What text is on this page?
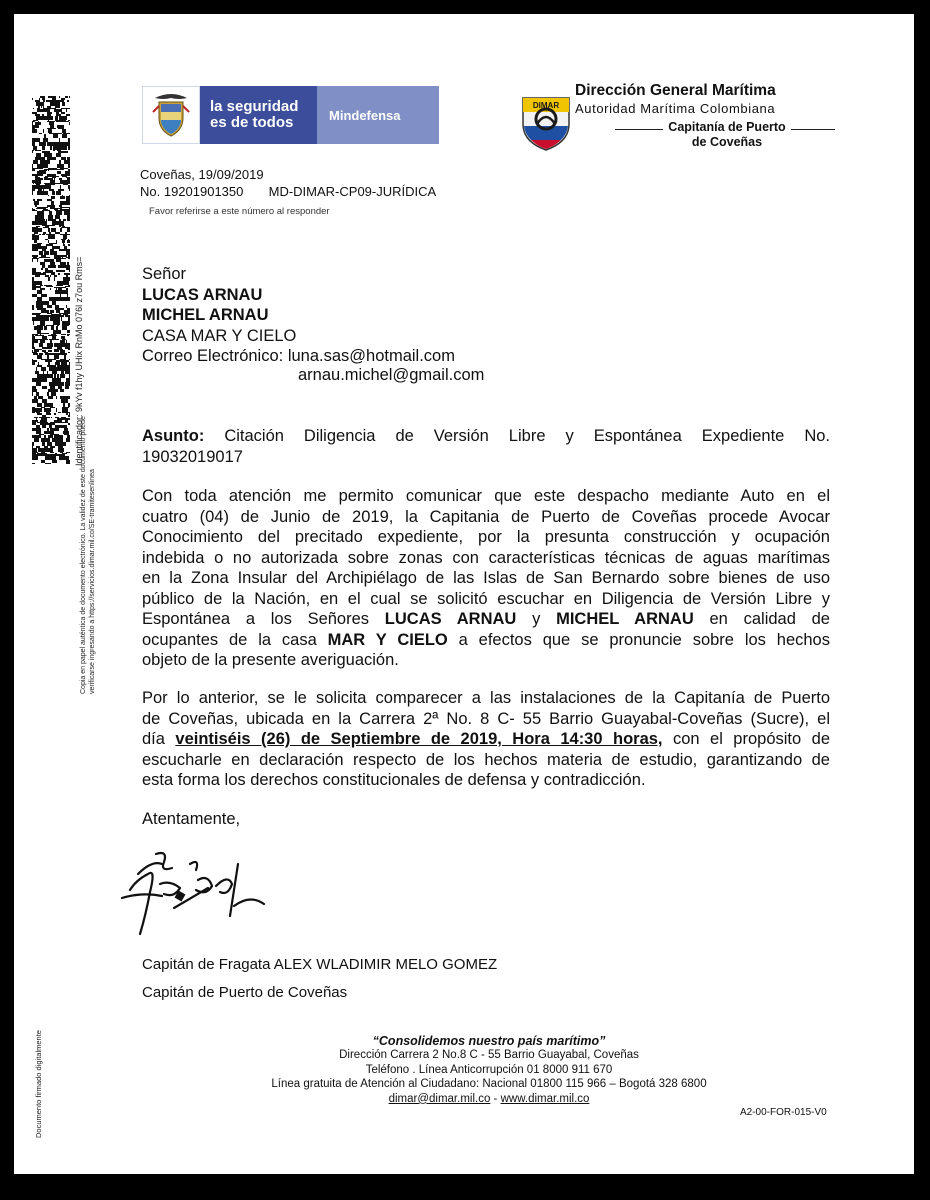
Identificador: 9kYv f1hy UHix RnMo 076l z7ou Rms=
Copia en papel auténtica de documento electrónico. La validez de este documento puede verificarse ingresando a https://servicios.dimar.mil.co/SE-tramitesenlinea
Documento firmado digitalmente
la seguridad
es de todos	Mindefensa
DIMAR
Dirección General Marítima
Autoridad Marítima Colombiana
Capitanía de Puerto
de Coveñas
Coveñas, 19/09/2019
No. 19201901350 MD-DIMAR-CP09-JURÍDICA
Favor referirse a este número al responder
Señor
LUCAS ARNAU
MICHEL ARNAU
CASA MAR Y CIELO
Correo Electrónico: luna.sas@hotmail.com
arnau.michel@gmail.com
Asunto: Citación Diligencia de Versión Libre y Espontánea Expediente No.
19032019017
Con toda atención me permito comunicar que este despacho mediante Auto en el
cuatro (04) de Junio de 2019, la Capitania de Puerto de Coveñas procede Avocar
Conocimiento del precitado expediente, por la presunta construcción y ocupación
indebida o no autorizada sobre zonas con características técnicas de aguas marítimas
en la Zona Insular del Archipiélago de las Islas de San Bernardo sobre bienes de uso
público de la Nación, en el cual se solicitó escuchar en Diligencia de Versión Libre y
Espontánea a los Señores LUCAS ARNAU y MICHEL ARNAU en calidad de
ocupantes de la casa MAR Y CIELO a efectos que se pronuncie sobre los hechos
objeto de la presente averiguación.
Por lo anterior, se le solicita comparecer a las instalaciones de la Capitanía de Puerto
de Coveñas, ubicada en la Carrera 2ª No. 8 C- 55 Barrio Guayabal-Coveñas (Sucre), el
día veintiséis (26) de Septiembre de 2019, Hora 14:30 horas, con el propósito de
escucharle en declaración respecto de los hechos materia de estudio, garantizando de
esta forma los derechos constitucionales de defensa y contradicción.
Atentamente,
Capitán de Fragata ALEX WLADIMIR MELO GOMEZ
Capitán de Puerto de Coveñas
“Consolidemos nuestro país marítimo”
Dirección Carrera 2 No.8 C - 55 Barrio Guayabal, Coveñas
Teléfono . Línea Anticorrupción 01 8000 911 670
Línea gratuita de Atención al Ciudadano: Nacional 01800 115 966 – Bogotá 328 6800
dimar@dimar.mil.co - www.dimar.mil.co
A2-00-FOR-015-V0
